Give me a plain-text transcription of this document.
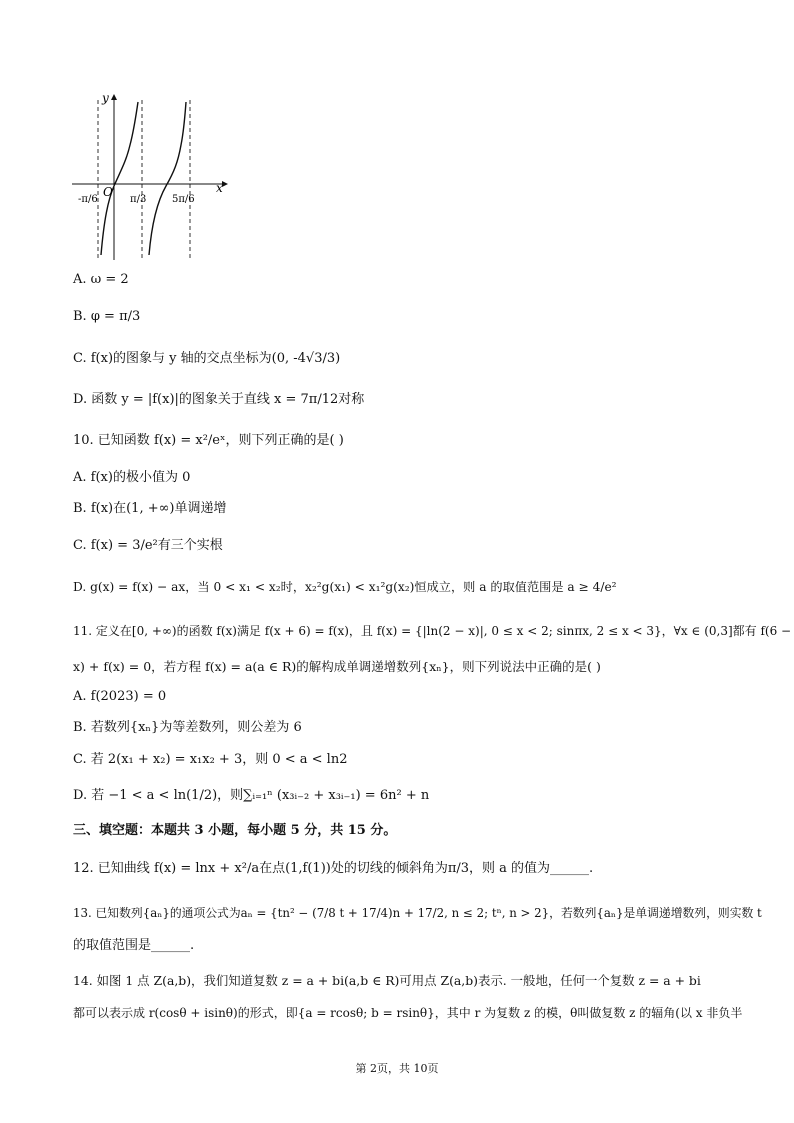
y
x
O
-π/6	π/3	5π/6
A. ω = 2
B. φ = π/3
C. f(x)的图象与 y 轴的交点坐标为(0, -4√3/3)
D. 函数 y = |f(x)|的图象关于直线 x = 7π/12对称
10. 已知函数 f(x) = x²/eˣ，则下列正确的是( )
A. f(x)的极小值为 0
B. f(x)在(1, +∞)单调递增
C. f(x) = 3/e²有三个实根
D. g(x) = f(x) − ax，当 0 < x₁ < x₂时，x₂²g(x₁) < x₁²g(x₂)恒成立，则 a 的取值范围是 a ≥ 4/e²
11. 定义在[0, +∞)的函数 f(x)满足 f(x + 6) = f(x)，且 f(x) = {|ln(2 − x)|, 0 ≤ x < 2; sinπx, 2 ≤ x < 3}，∀x ∈ (0,3]都有 f(6 −
x) + f(x) = 0，若方程 f(x) = a(a ∈ R)的解构成单调递增数列{xₙ}，则下列说法中正确的是( )
A. f(2023) = 0
B. 若数列{xₙ}为等差数列，则公差为 6
C. 若 2(x₁ + x₂) = x₁x₂ + 3，则 0 < a < ln2
D. 若 −1 < a < ln(1/2)，则∑ᵢ₌₁ⁿ (x₃ᵢ₋₂ + x₃ᵢ₋₁) = 6n² + n
三、填空题：本题共 3 小题，每小题 5 分，共 15 分。
12. 已知曲线 f(x) = lnx + x²/a在点(1,f(1))处的切线的倾斜角为π/3，则 a 的值为______.
13. 已知数列{aₙ}的通项公式为aₙ = {tn² − (7/8 t + 17/4)n + 17/2, n ≤ 2; tⁿ, n > 2}，若数列{aₙ}是单调递增数列，则实数 t
的取值范围是______.
14. 如图 1 点 Z(a,b)，我们知道复数 z = a + bi(a,b ∈ R)可用点 Z(a,b)表示. 一般地，任何一个复数 z = a + bi
都可以表示成 r(cosθ + isinθ)的形式，即{a = rcosθ; b = rsinθ}，其中 r 为复数 z 的模，θ叫做复数 z 的辐角(以 x 非负半
第 2页，共 10页
